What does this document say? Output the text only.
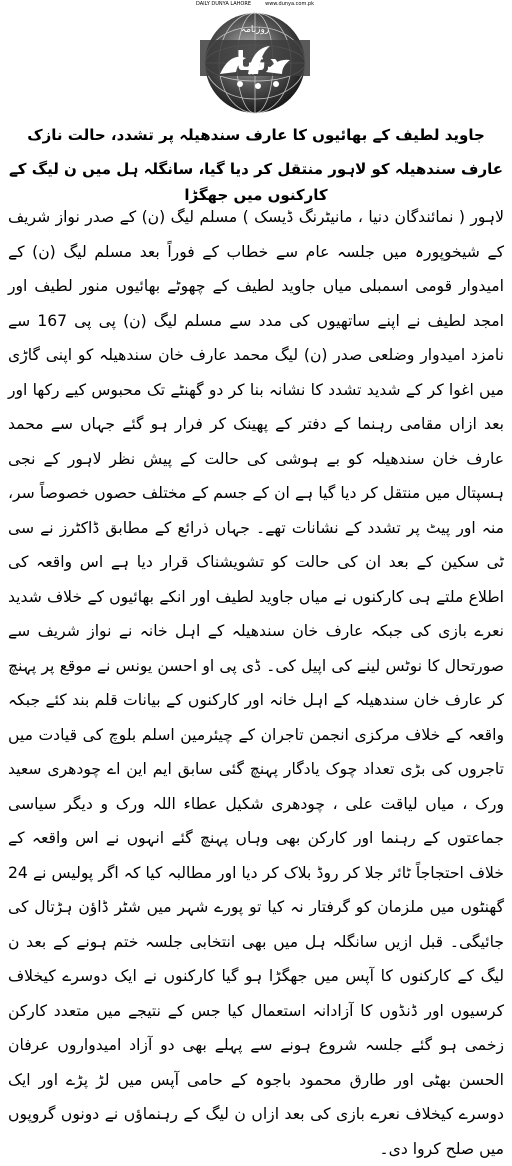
DAILY DUNYA LAHORE	www.dunya.com.pk
روزنامہ
دنیا
جاوید لطیف کے بھائیوں کا عارف سندھیلہ پر تشدد، حالت نازک
عارف سندھیلہ کو لاہور منتقل کر دیا گیا، سانگلہ ہل میں ن لیگ کے کارکنوں میں جھگڑا

لاہور ( نمائندگان دنیا ، مانیٹرنگ ڈیسک ) مسلم لیگ (ن) کے صدر نواز شریف کے شیخوپورہ میں جلسہ عام سے خطاب کے فوراً بعد مسلم لیگ (ن) کے امیدوار قومی اسمبلی میاں جاوید لطیف کے چھوٹے بھائیوں منور لطیف اور امجد لطیف نے اپنے ساتھیوں کی مدد سے مسلم لیگ (ن) پی پی 167 سے نامزد امیدوار وضلعی صدر (ن) لیگ محمد عارف خان سندھیلہ کو اپنی گاڑی میں اغوا کر کے شدید تشدد کا نشانہ بنا کر دو گھنٹے تک محبوس کیے رکھا اور بعد ازاں مقامی رہنما کے دفتر کے پھینک کر فرار ہو گئے جہاں سے محمد عارف خان سندھیلہ کو بے ہوشی کی حالت کے پیش نظر لاہور کے نجی ہسپتال میں منتقل کر دیا گیا ہے ان کے جسم کے مختلف حصوں خصوصاً سر، منہ اور پیٹ پر تشدد کے نشانات تھے۔ جہاں ذرائع کے مطابق ڈاکٹرز نے سی ٹی سکین کے بعد ان کی حالت کو تشویشناک قرار دیا ہے اس واقعہ کی اطلاع ملتے ہی کارکنوں نے میاں جاوید لطیف اور انکے بھائیوں کے خلاف شدید نعرے بازی کی جبکہ عارف خان سندھیلہ کے اہل خانہ نے نواز شریف سے صورتحال کا نوٹس لینے کی اپیل کی۔ ڈی پی او احسن یونس نے موقع پر پہنچ کر عارف خان سندھیلہ کے اہل خانہ اور کارکنوں کے بیانات قلم بند کئے جبکہ واقعہ کے خلاف مرکزی انجمن تاجران کے چیئرمین اسلم بلوچ کی قیادت میں تاجروں کی بڑی تعداد چوک یادگار پہنچ گئی سابق ایم این اے چودھری سعید ورک ، میاں لیاقت علی ، چودھری شکیل عطاء اللہ ورک و دیگر سیاسی جماعتوں کے رہنما اور کارکن بھی وہاں پہنچ گئے انہوں نے اس واقعہ کے خلاف احتجاجاً ٹائر جلا کر روڈ بلاک کر دیا اور مطالبہ کیا کہ اگر پولیس نے 24 گھنٹوں میں ملزمان کو گرفتار نہ کیا تو پورے شہر میں شٹر ڈاؤن ہڑتال کی جائیگی۔ قبل ازیں سانگلہ ہل میں بھی انتخابی جلسہ ختم ہونے کے بعد ن لیگ کے کارکنوں کا آپس میں جھگڑا ہو گیا کارکنوں نے ایک دوسرے کیخلاف کرسیوں اور ڈنڈوں کا آزادانہ استعمال کیا جس کے نتیجے میں متعدد کارکن زخمی ہو گئے جلسہ شروع ہونے سے پہلے بھی دو آزاد امیدواروں عرفان الحسن بھٹی اور طارق محمود باجوہ کے حامی آپس میں لڑ پڑے اور ایک دوسرے کیخلاف نعرے بازی کی بعد ازاں ن لیگ کے رہنماؤں نے دونوں گروپوں میں صلح کروا دی۔
